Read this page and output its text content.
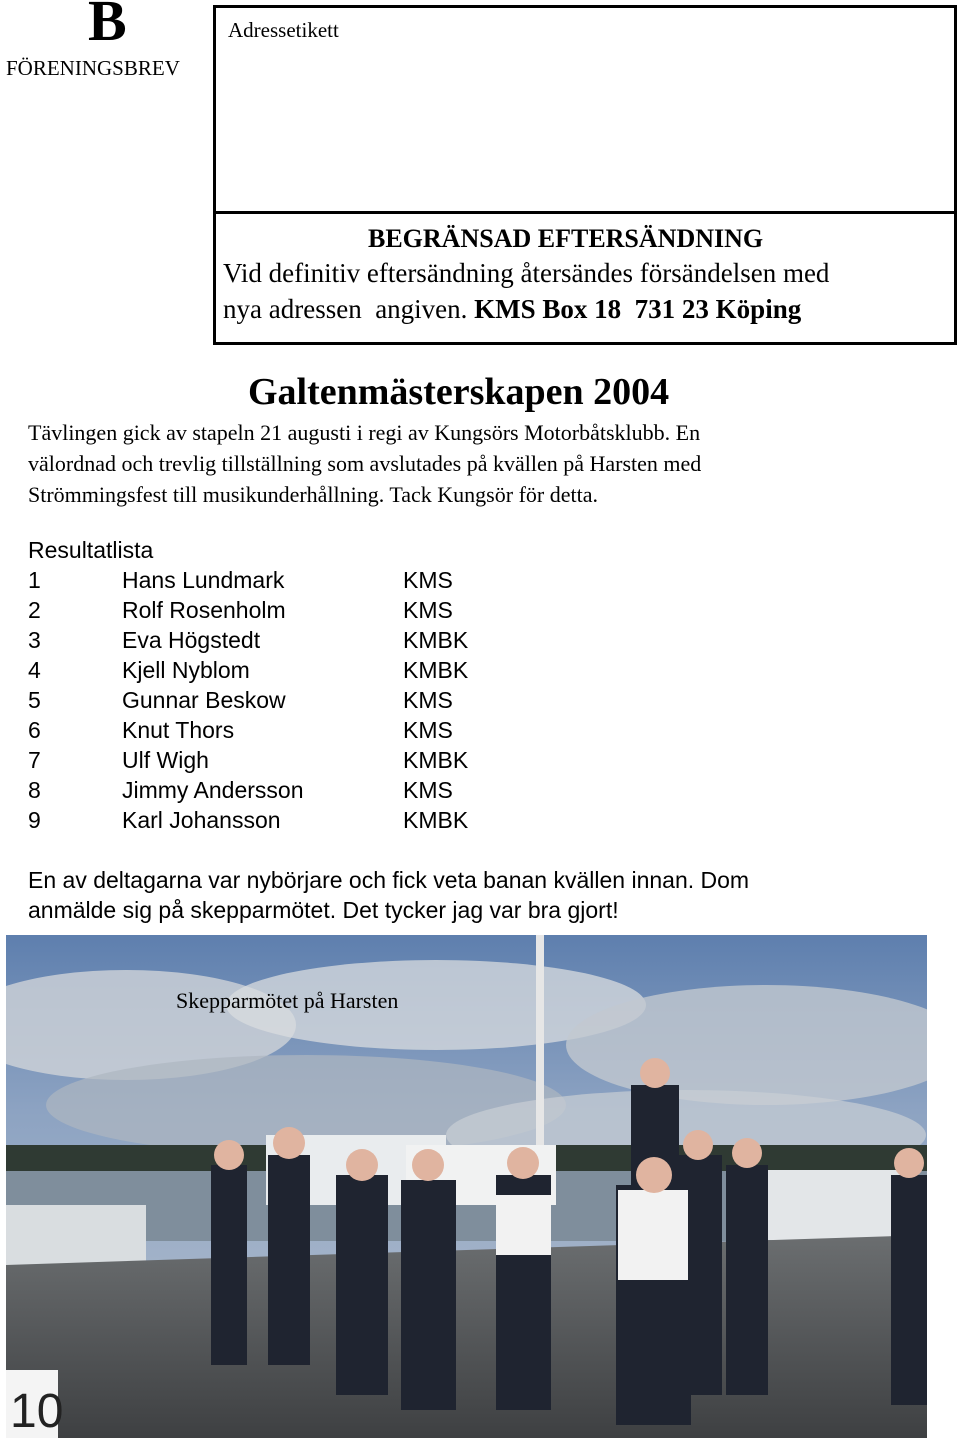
B
FÖRENINGSBREV
Adressetikett
BEGRÄNSAD EFTERSÄNDNING
Vid definitiv eftersändning återsändes försändelsen med
nya adressen  angiven. KMS Box 18  731 23 Köping
Galtenmästerskapen 2004
Tävlingen gick av stapeln 21 augusti i regi av Kungsörs Motorbåtsklubb. En
välordnad och trevlig tillställning som avslutades på kvällen på Harsten med
Strömmingsfest till musikunderhållning. Tack Kungsör för detta.
Resultatlista
1	Hans Lundmark	KMS
2	Rolf Rosenholm	KMS
3	Eva Högstedt	KMBK
4	Kjell Nyblom	KMBK
5	Gunnar Beskow	KMS
6	Knut Thors	KMS
7	Ulf Wigh	KMBK
8	Jimmy Andersson	KMS
9	Karl Johansson	KMBK
En av deltagarna var nybörjare och fick veta banan kvällen innan. Dom
anmälde sig på skepparmötet. Det tycker jag var bra gjort!
10
Skepparmötet på Harsten
